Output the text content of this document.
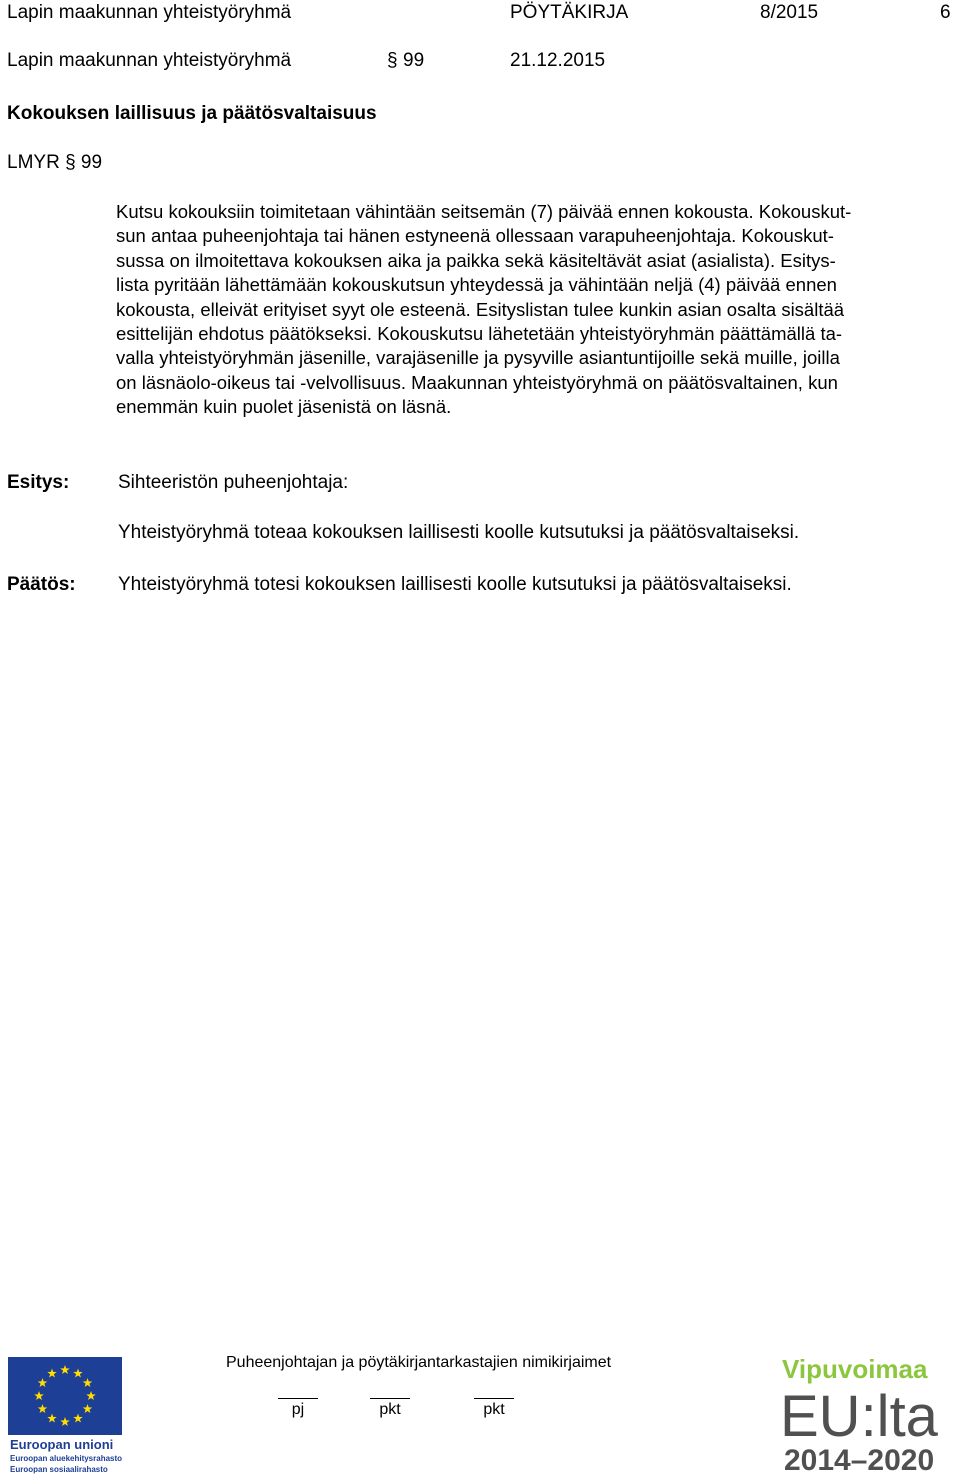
Lapin maakunnan yhteistyöryhmä	PÖYTÄKIRJA	8/2015	6
Lapin maakunnan yhteistyöryhmä	§ 99	21.12.2015
Kokouksen laillisuus ja päätösvaltaisuus
LMYR § 99
Kutsu kokouksiin toimitetaan vähintään seitsemän (7) päivää ennen kokousta. Kokouskut-
sun antaa puheenjohtaja tai hänen estyneenä ollessaan varapuheenjohtaja. Kokouskut-
sussa on ilmoitettava kokouksen aika ja paikka sekä käsiteltävät asiat (asialista). Esitys-
lista pyritään lähettämään kokouskutsun yhteydessä ja vähintään neljä (4) päivää ennen
kokousta, elleivät erityiset syyt ole esteenä. Esityslistan tulee kunkin asian osalta sisältää
esittelijän ehdotus päätökseksi. Kokouskutsu lähetetään yhteistyöryhmän päättämällä ta-
valla yhteistyöryhmän jäsenille, varajäsenille ja pysyville asiantuntijoille sekä muille, joilla
on läsnäolo-oikeus tai -velvollisuus. Maakunnan yhteistyöryhmä on päätösvaltainen, kun
enemmän kuin puolet jäsenistä on läsnä.
Esitys:	Sihteeristön puheenjohtaja:
Yhteistyöryhmä toteaa kokouksen laillisesti koolle kutsutuksi ja päätösvaltaiseksi.
Päätös: Yhteistyöryhmä totesi kokouksen laillisesti koolle kutsutuksi ja päätösvaltaiseksi.
Puheenjohtajan ja pöytäkirjantarkastajien nimikirjaimet
pj	pkt	pkt
Euroopan unioni
Euroopan aluekehitysrahasto
Euroopan sosiaalirahasto
Vipuvoimaa
EU:lta
2014–2020
